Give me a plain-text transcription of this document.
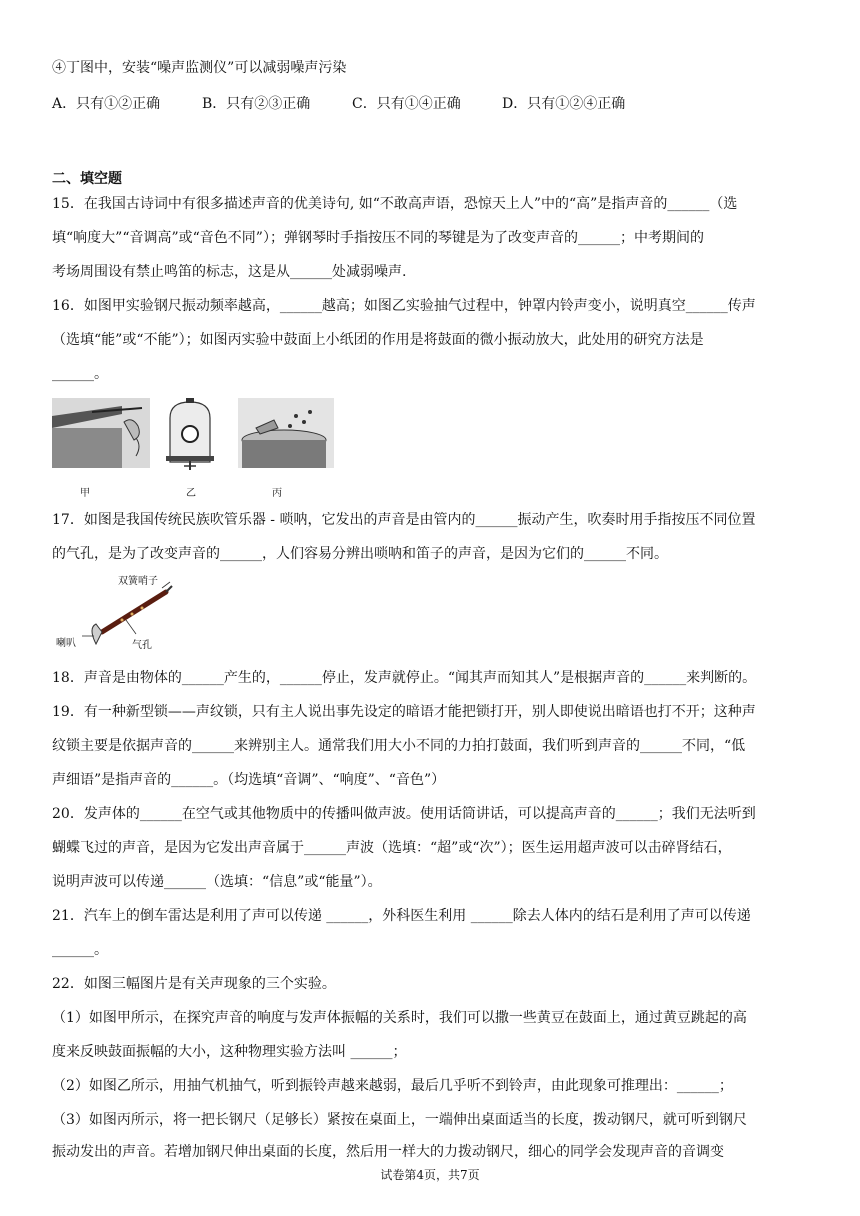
④丁图中，安装“噪声监测仪”可以减弱噪声污染
A．只有①②正确	B．只有②③正确	C．只有①④正确	D．只有①②④正确
二、填空题
15．在我国古诗词中有很多描述声音的优美诗句, 如“不敢高声语，恐惊天上人”中的“高”是指声音的______（选
填“响度大”“音调高”或“音色不同”）；弹钢琴时手指按压不同的琴键是为了改变声音的______；中考期间的
考场周围设有禁止鸣笛的标志，这是从______处减弱噪声.
16．如图甲实验钢尺振动频率越高，______越高；如图乙实验抽气过程中，钟罩内铃声变小，说明真空______传声
（选填“能”或“不能”）；如图丙实验中鼓面上小纸团的作用是将鼓面的微小振动放大，此处用的研究方法是
______。
甲	乙	丙
17．如图是我国传统民族吹管乐器 - 唢呐，它发出的声音是由管内的______振动产生，吹奏时用手指按压不同位置
的气孔，是为了改变声音的______，人们容易分辨出唢呐和笛子的声音，是因为它们的______不同。
双簧哨子
喇叭	气孔
18．声音是由物体的______产生的，______停止，发声就停止。“闻其声而知其人”是根据声音的______来判断的。
19．有一种新型锁——声纹锁，只有主人说出事先设定的暗语才能把锁打开，别人即使说出暗语也打不开；这种声
纹锁主要是依据声音的______来辨别主人。通常我们用大小不同的力拍打鼓面，我们听到声音的______不同，“低
声细语”是指声音的______。（均选填“音调”、“响度”、“音色”）
20．发声体的______在空气或其他物质中的传播叫做声波。使用话筒讲话，可以提高声音的______；我们无法听到
蝴蝶飞过的声音，是因为它发出声音属于______声波（选填：“超”或“次”）；医生运用超声波可以击碎肾结石，
说明声波可以传递______（选填：“信息”或“能量”）。
21．汽车上的倒车雷达是利用了声可以传递 ______，外科医生利用 ______除去人体内的结石是利用了声可以传递
______。
22．如图三幅图片是有关声现象的三个实验。
（1）如图甲所示，在探究声音的响度与发声体振幅的关系时，我们可以撒一些黄豆在鼓面上，通过黄豆跳起的高
度来反映鼓面振幅的大小，这种物理实验方法叫 ______；
（2）如图乙所示，用抽气机抽气，听到振铃声越来越弱，最后几乎听不到铃声，由此现象可推理出：______；
（3）如图丙所示，将一把长钢尺（足够长）紧按在桌面上，一端伸出桌面适当的长度，拨动钢尺，就可听到钢尺
振动发出的声音。若增加钢尺伸出桌面的长度，然后用一样大的力拨动钢尺，细心的同学会发现声音的音调变
试卷第4页，共7页
